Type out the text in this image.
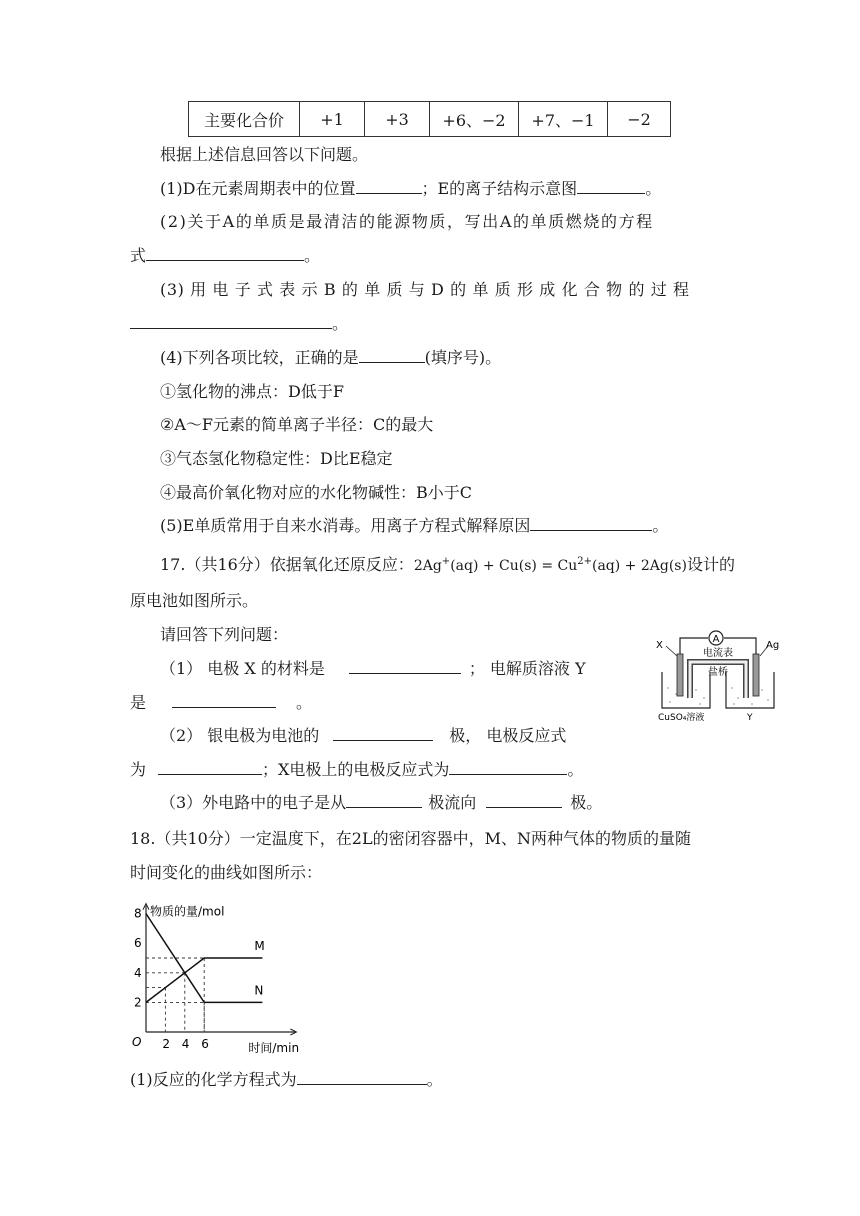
主要化合价	+1	+3	+6、−2	+7、−1	−2
根据上述信息回答以下问题。
(1)D在元素周期表中的位置	；E的离子结构示意图	。
(2)关于A的单质是最清洁的能源物质，写出A的单质燃烧的方程
式	。
(3) 用 电 子 式 表 示 B 的 单 质 与 D 的 单 质 形 成 化 合 物 的 过 程
。
(4)下列各项比较，正确的是	(填序号)。
①氢化物的沸点：D低于F
②A～F元素的简单离子半径：C的最大
③气态氢化物稳定性：D比E稳定
④最高价氧化物对应的水化物碱性：B小于C
(5)E单质常用于自来水消毒。用离子方程式解释原因	。
17.（共16分）依据氧化还原反应：$2Ag^+(aq) + Cu(s) = Cu^{2+}(aq) + 2Ag(s)$设计的
原电池如图所示。
请回答下列问题：
（1） 电极 X 的材料是	； 电解质溶液 Y
是	。
（2） 银电极为电池的	极， 电极反应式
为	；X电极上的电极反应式为	。
（3）外电路中的电子是从	极流向	极。
A
电流表
盐桥
X	Ag
CuSO₄溶液	Y
18.（共10分）一定温度下，在2L的密闭容器中，M、N两种气体的物质的量随
时间变化的曲线如图所示：
2
4
6
8
2 4 6
O
M
N
物质的量/mol
时间/min
(1)反应的化学方程式为	。
